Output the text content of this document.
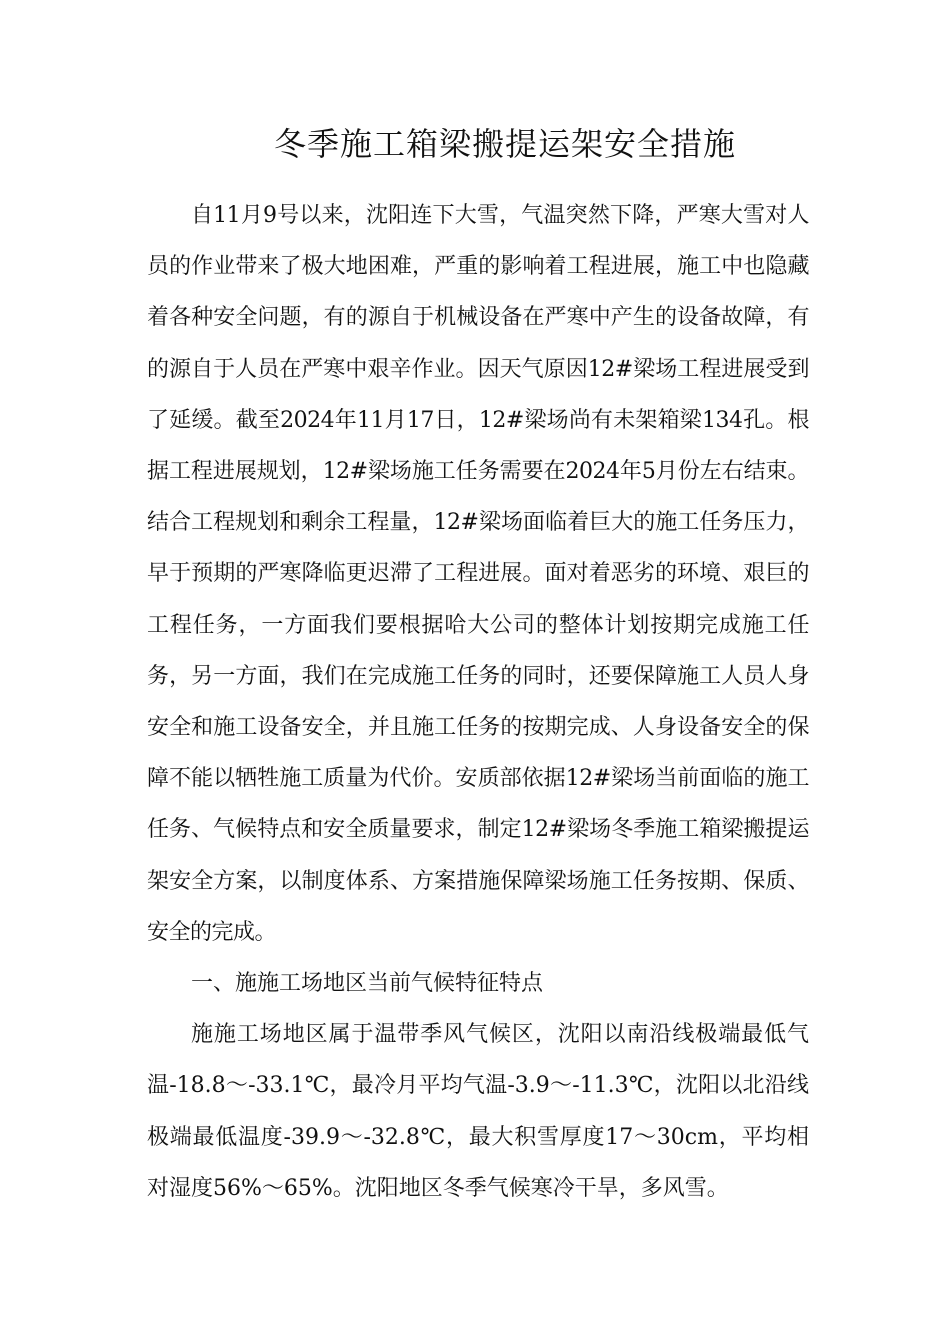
冬季施工箱梁搬提运架安全措施

自11月9号以来，沈阳连下大雪，气温突然下降，严寒大雪对人员的作业带来了极大地困难，严重的影响着工程进展，施工中也隐藏着各种安全问题，有的源自于机械设备在严寒中产生的设备故障，有的源自于人员在严寒中艰辛作业。因天气原因12#梁场工程进展受到了延缓。截至2024年11月17日，12#梁场尚有未架箱梁134孔。根据工程进展规划，12#梁场施工任务需要在2024年5月份左右结束。结合工程规划和剩余工程量，12#梁场面临着巨大的施工任务压力，早于预期的严寒降临更迟滞了工程进展。面对着恶劣的环境、艰巨的工程任务，一方面我们要根据哈大公司的整体计划按期完成施工任务，另一方面，我们在完成施工任务的同时，还要保障施工人员人身安全和施工设备安全，并且施工任务的按期完成、人身设备安全的保障不能以牺牲施工质量为代价。安质部依据12#梁场当前面临的施工任务、气候特点和安全质量要求，制定12#梁场冬季施工箱梁搬提运架安全方案，以制度体系、方案措施保障梁场施工任务按期、保质、安全的完成。

一、施施工场地区当前气候特征特点

施施工场地区属于温带季风气候区，沈阳以南沿线极端最低气温-18.8～-33.1℃，最冷月平均气温-3.9～-11.3℃，沈阳以北沿线极端最低温度-39.9～-32.8℃，最大积雪厚度17～30cm，平均相对湿度56%～65%。沈阳地区冬季气候寒冷干旱，多风雪。
